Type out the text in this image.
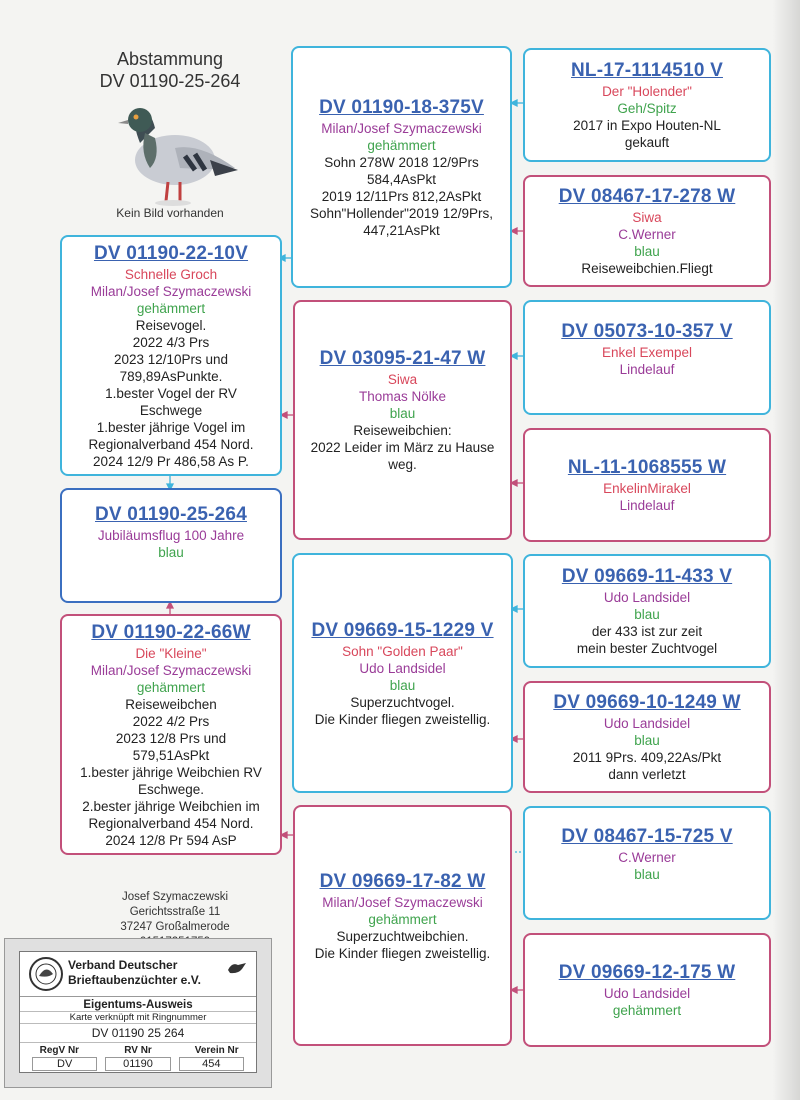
Abstammung
DV 01190-25-264
Kein Bild vorhanden
DV 01190-22-10V
Schnelle Groch
Milan/Josef Szymaczewski
gehämmert
Reisevogel.
2022 4/3 Prs
2023 12/10Prs und
789,89AsPunkte.
1.bester Vogel der RV
Eschwege
1.bester jährige Vogel im
Regionalverband 454 Nord.
2024 12/9 Pr 486,58 As P.
DV 01190-25-264
Jubiläumsflug 100 Jahre
blau
DV 01190-22-66W
Die "Kleine"
Milan/Josef Szymaczewski
gehämmert
Reiseweibchen
2022 4/2 Prs
2023 12/8 Prs und
579,51AsPkt
1.bester jährige Weibchien RV
Eschwege.
2.bester jährige Weibchien im
Regionalverband 454 Nord.
2024 12/8 Pr 594 AsP
DV 01190-18-375V
Milan/Josef Szymaczewski
gehämmert
Sohn 278W 2018 12/9Prs
584,4AsPkt
2019 12/11Prs 812,2AsPkt
Sohn"Hollender"2019 12/9Prs,
447,21AsPkt
DV 03095-21-47 W
Siwa
Thomas Nölke
blau
Reiseweibchien:
2022 Leider im März zu Hause
weg.
DV 09669-15-1229 V
Sohn "Golden Paar"
Udo Landsidel
blau
Superzuchtvogel.
Die Kinder fliegen zweistellig.
DV 09669-17-82 W
Milan/Josef Szymaczewski
gehämmert
Superzuchtweibchien.
Die Kinder fliegen zweistellig.
NL-17-1114510 V
Der "Holender"
Geh/Spitz
2017 in Expo Houten-NL
gekauft
DV 08467-17-278 W
Siwa
C.Werner
blau
Reiseweibchien.Fliegt
DV 05073-10-357 V
Enkel Exempel
Lindelauf
NL-11-1068555 W
EnkelinMirakel
Lindelauf
DV 09669-11-433 V
Udo Landsidel
blau
der 433 ist zur zeit
mein bester Zuchtvogel
DV 09669-10-1249 W
Udo Landsidel
blau
2011 9Prs. 409,22As/Pkt
dann verletzt
DV 08467-15-725 V
C.Werner
blau
DV 09669-12-175 W
Udo Landsidel
gehämmert
Josef Szymaczewski
Gerichtsstraße 11
37247 Großalmerode
Verband Deutscher
Brieftaubenzüchter e.V.
Eigentums-Ausweis
Karte verknüpft mit Ringnummer
DV 01190 25 264
RegV Nr	RV Nr	Verein Nr
DV	01190	454
